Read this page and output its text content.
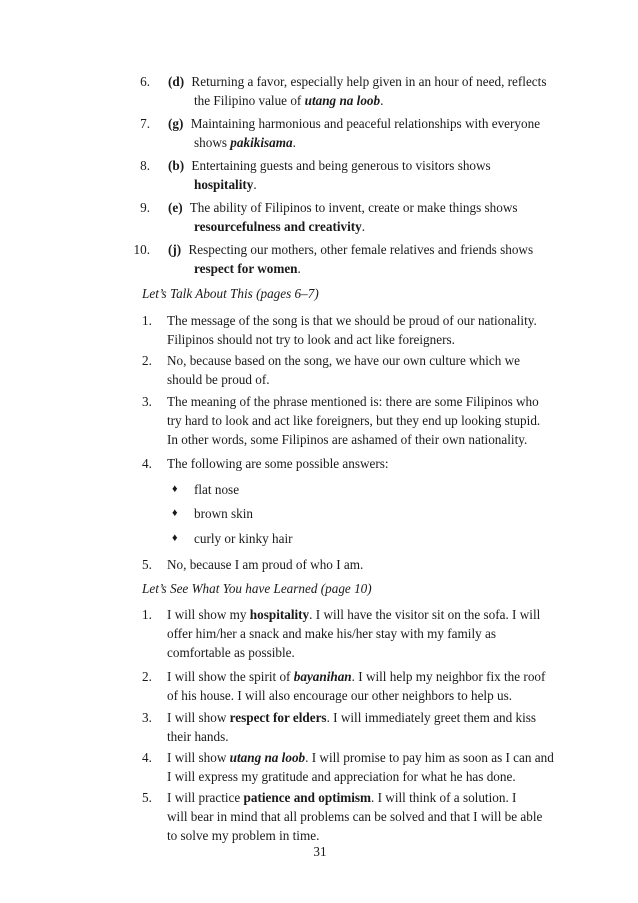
6. (d) Returning a favor, especially help given in an hour of need, reflects
the Filipino value of utang na loob.
7. (g) Maintaining harmonious and peaceful relationships with everyone
shows pakikisama.
8. (b) Entertaining guests and being generous to visitors shows
hospitality.
9. (e) The ability of Filipinos to invent, create or make things shows
resourcefulness and creativity.
10. (j) Respecting our mothers, other female relatives and friends shows
respect for women.
Let’s Talk About This (pages 6–7)
1.	The message of the song is that we should be proud of our nationality.
Filipinos should not try to look and act like foreigners.
2.	No, because based on the song, we have our own culture which we
should be proud of.
3.	The meaning of the phrase mentioned is: there are some Filipinos who
try hard to look and act like foreigners, but they end up looking stupid.
In other words, some Filipinos are ashamed of their own nationality.
4.	The following are some possible answers:
♦ flat nose
♦ brown skin
♦ curly or kinky hair
5.	No, because I am proud of who I am.
Let’s See What You have Learned (page 10)
1.	I will show my hospitality. I will have the visitor sit on the sofa. I will
offer him/her a snack and make his/her stay with my family as
comfortable as possible.
2.	I will show the spirit of bayanihan. I will help my neighbor fix the roof
of his house. I will also encourage our other neighbors to help us.
3.	I will show respect for elders. I will immediately greet them and kiss
their hands.
4.	I will show utang na loob. I will promise to pay him as soon as I can and
I will express my gratitude and appreciation for what he has done.
5.	I will practice patience and optimism. I will think of a solution. I
will bear in mind that all problems can be solved and that I will be able
to solve my problem in time.
31
